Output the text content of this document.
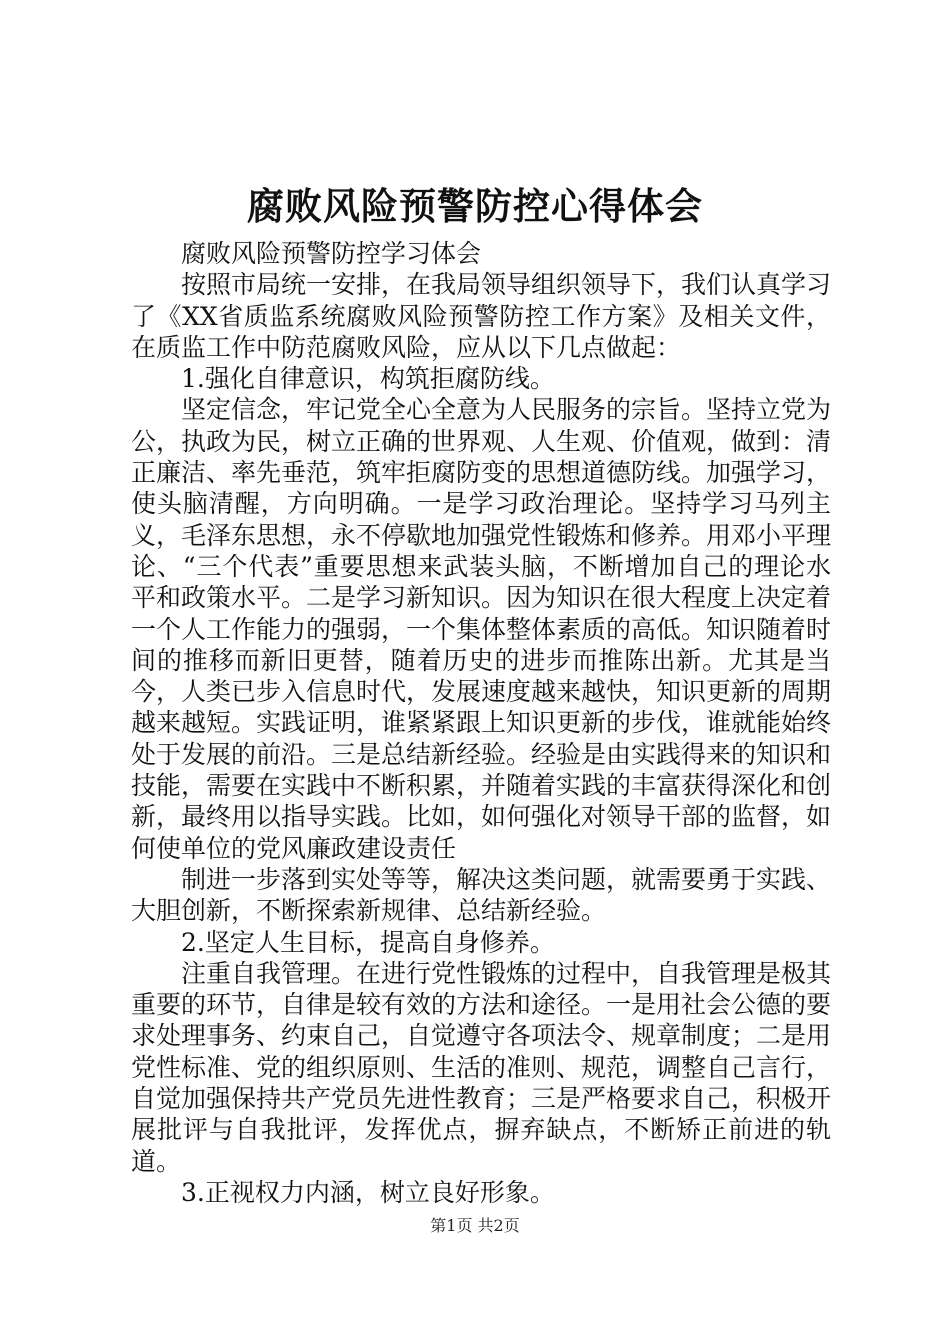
腐败风险预警防控心得体会

腐败风险预警防控学习体会

按照市局统一安排，在我局领导组织领导下，我们认真学习了《XX省质监系统腐败风险预警防控工作方案》及相关文件，在质监工作中防范腐败风险，应从以下几点做起：

1.强化自律意识，构筑拒腐防线。

坚定信念，牢记党全心全意为人民服务的宗旨。坚持立党为公，执政为民，树立正确的世界观、人生观、价值观，做到：清正廉洁、率先垂范，筑牢拒腐防变的思想道德防线。加强学习，使头脑清醒，方向明确。一是学习政治理论。坚持学习马列主义，毛泽东思想，永不停歇地加强党性锻炼和修养。用邓小平理论、“三个代表”重要思想来武装头脑，不断增加自己的理论水平和政策水平。二是学习新知识。因为知识在很大程度上决定着一个人工作能力的强弱，一个集体整体素质的高低。知识随着时间的推移而新旧更替，随着历史的进步而推陈出新。尤其是当今，人类已步入信息时代，发展速度越来越快，知识更新的周期越来越短。实践证明，谁紧紧跟上知识更新的步伐，谁就能始终处于发展的前沿。三是总结新经验。经验是由实践得来的知识和技能，需要在实践中不断积累，并随着实践的丰富获得深化和创新，最终用以指导实践。比如，如何强化对领导干部的监督，如何使单位的党风廉政建设责任

制进一步落到实处等等，解决这类问题，就需要勇于实践、大胆创新，不断探索新规律、总结新经验。

2.坚定人生目标，提高自身修养。

注重自我管理。在进行党性锻炼的过程中，自我管理是极其重要的环节，自律是较有效的方法和途径。一是用社会公德的要求处理事务、约束自己，自觉遵守各项法令、规章制度；二是用党性标准、党的组织原则、生活的准则、规范，调整自己言行，自觉加强保持共产党员先进性教育；三是严格要求自己，积极开展批评与自我批评，发挥优点，摒弃缺点，不断矫正前进的轨道。

3.正视权力内涵，树立良好形象。

第1页 共2页
